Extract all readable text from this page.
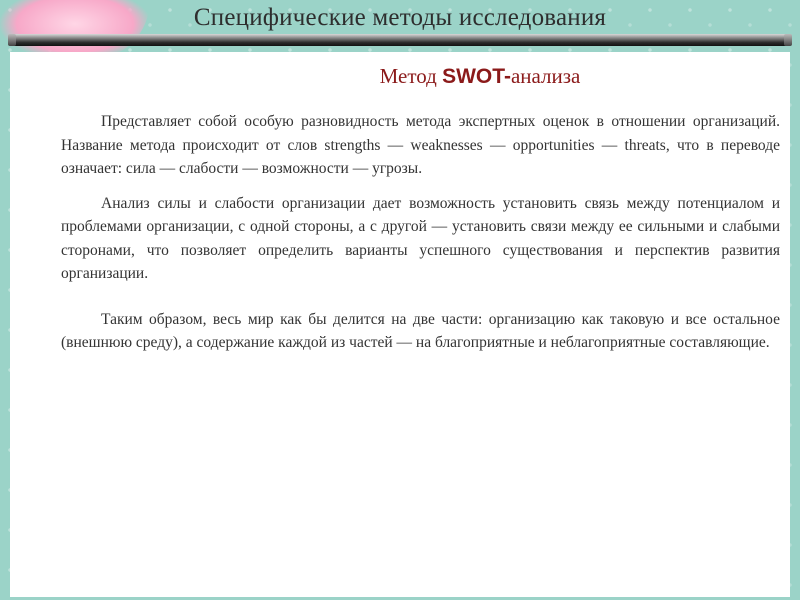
Специфические методы исследования
Метод SWOT-анализа

Представляет собой особую разновидность метода экспертных оценок в отношении организаций. Название метода происходит от слов strengths — weaknesses — opportunities — threats, что в переводе означает: сила — слабости — возможности — угрозы.

Анализ силы и слабости организации дает возможность установить связь между потенциалом и проблемами организации, с одной стороны, а с другой — установить связи между ее сильными и слабыми сторонами, что позволяет определить варианты успешного существования и перспектив развития организации.

Таким образом, весь мир как бы делится на две части: организацию как таковую и все остальное (внешнюю среду), а содержание каждой из частей — на благоприятные и неблагоприятные составляющие.
